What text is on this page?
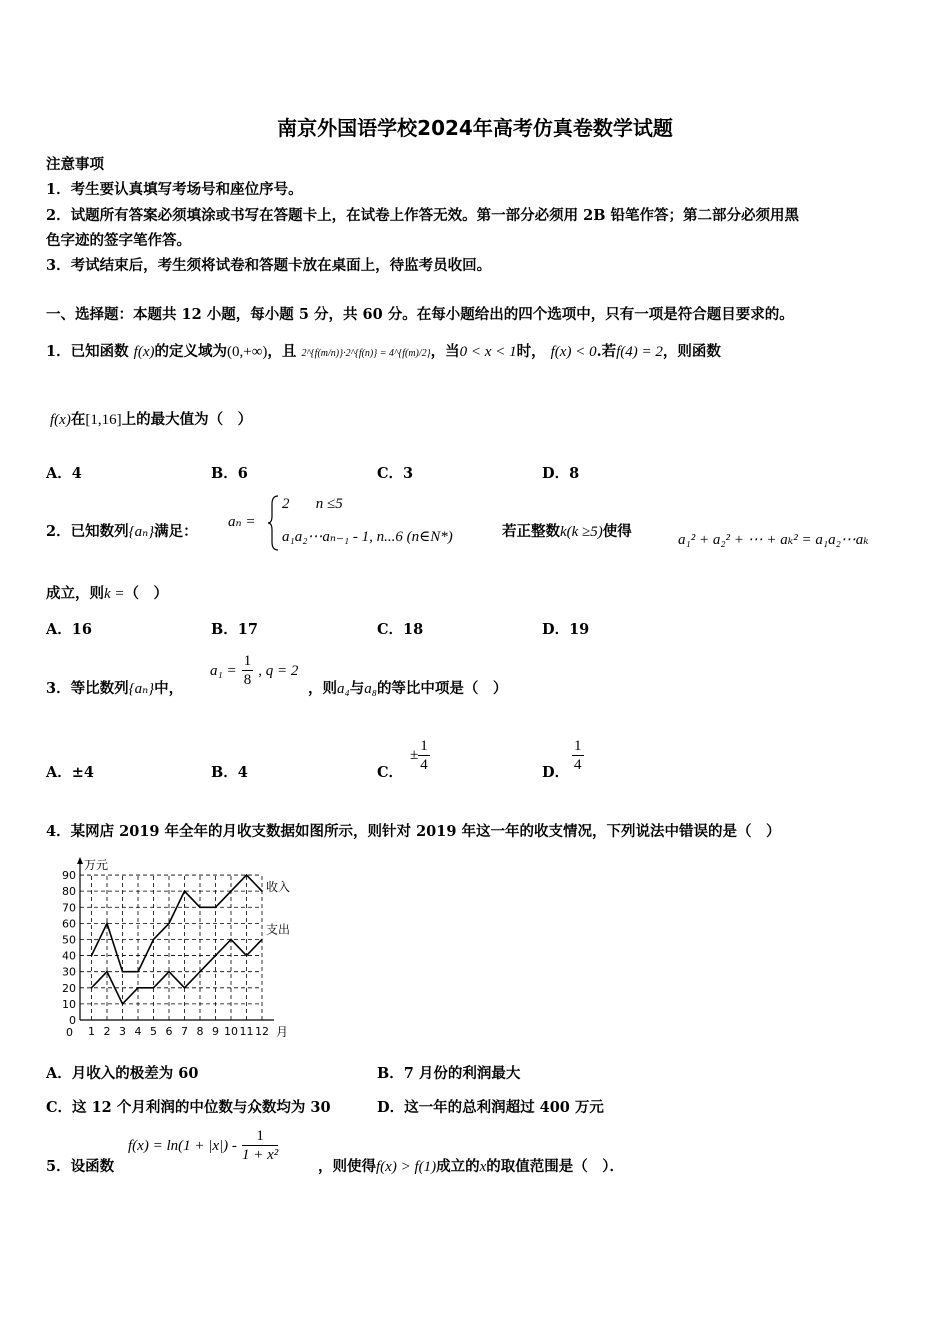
南京外国语学校2024年高考仿真卷数学试题
注意事项
1．考生要认真填写考场号和座位序号。
2．试题所有答案必须填涂或书写在答题卡上，在试卷上作答无效。第一部分必须用 2B 铅笔作答；第二部分必须用黑
色字迹的签字笔作答。
3．考试结束后，考生须将试卷和答题卡放在桌面上，待监考员收回。
一、选择题：本题共 12 小题，每小题 5 分，共 60 分。在每小题给出的四个选项中，只有一项是符合题目要求的。
1．已知函数 f(x)的定义域为(0,+∞)，且 2^{f(m/n)}·2^{f(n)} = 4^{f(m)/2}，当0 < x < 1时， f(x) < 0.若f(4) = 2，则函数
f(x)在[1,16]上的最大值为（　）
A．4	B．6	C．3	D．8
2．已知数列{aₙ}满足：
aₙ =
2 n ≤5
a₁a₂⋯aₙ₋₁ - 1, n...6 (n∈N*)	若正整数k(k ≥5)使得	a₁² + a₂² + ⋯ + aₖ² = a₁a₂⋯aₖ
成立，则k =（　）
A．16	B．17	C．18	D．19
3．等比数列{aₙ}中，
$a_1 = \frac{1}{8}$ , q = 2
，则a₄与a₈的等比中项是（　）
A．±4	B．4	C．
± $\frac{1}{4}$	D． $\frac{1}{4}$
4．某网店 2019 年全年的月收支数据如图所示，则针对 2019 年这一年的收支情况，下列说法中错误的是（　）
0
10
20
30
40
50
60
70
80
90
1 2 3 4 5 6 7 8 9 10 11 12
万元
月
0
收入
支出
A．月收入的极差为 60	B．7 月份的利润最大
C．这 12 个月利润的中位数与众数均为 30	D．这一年的总利润超过 400 万元
5．设函数
$f(x) = \ln(1 + |x|) - \frac{1}{\text{1 + x²}}$
，则使得f(x) > f(1)成立的x的取值范围是（　）．
